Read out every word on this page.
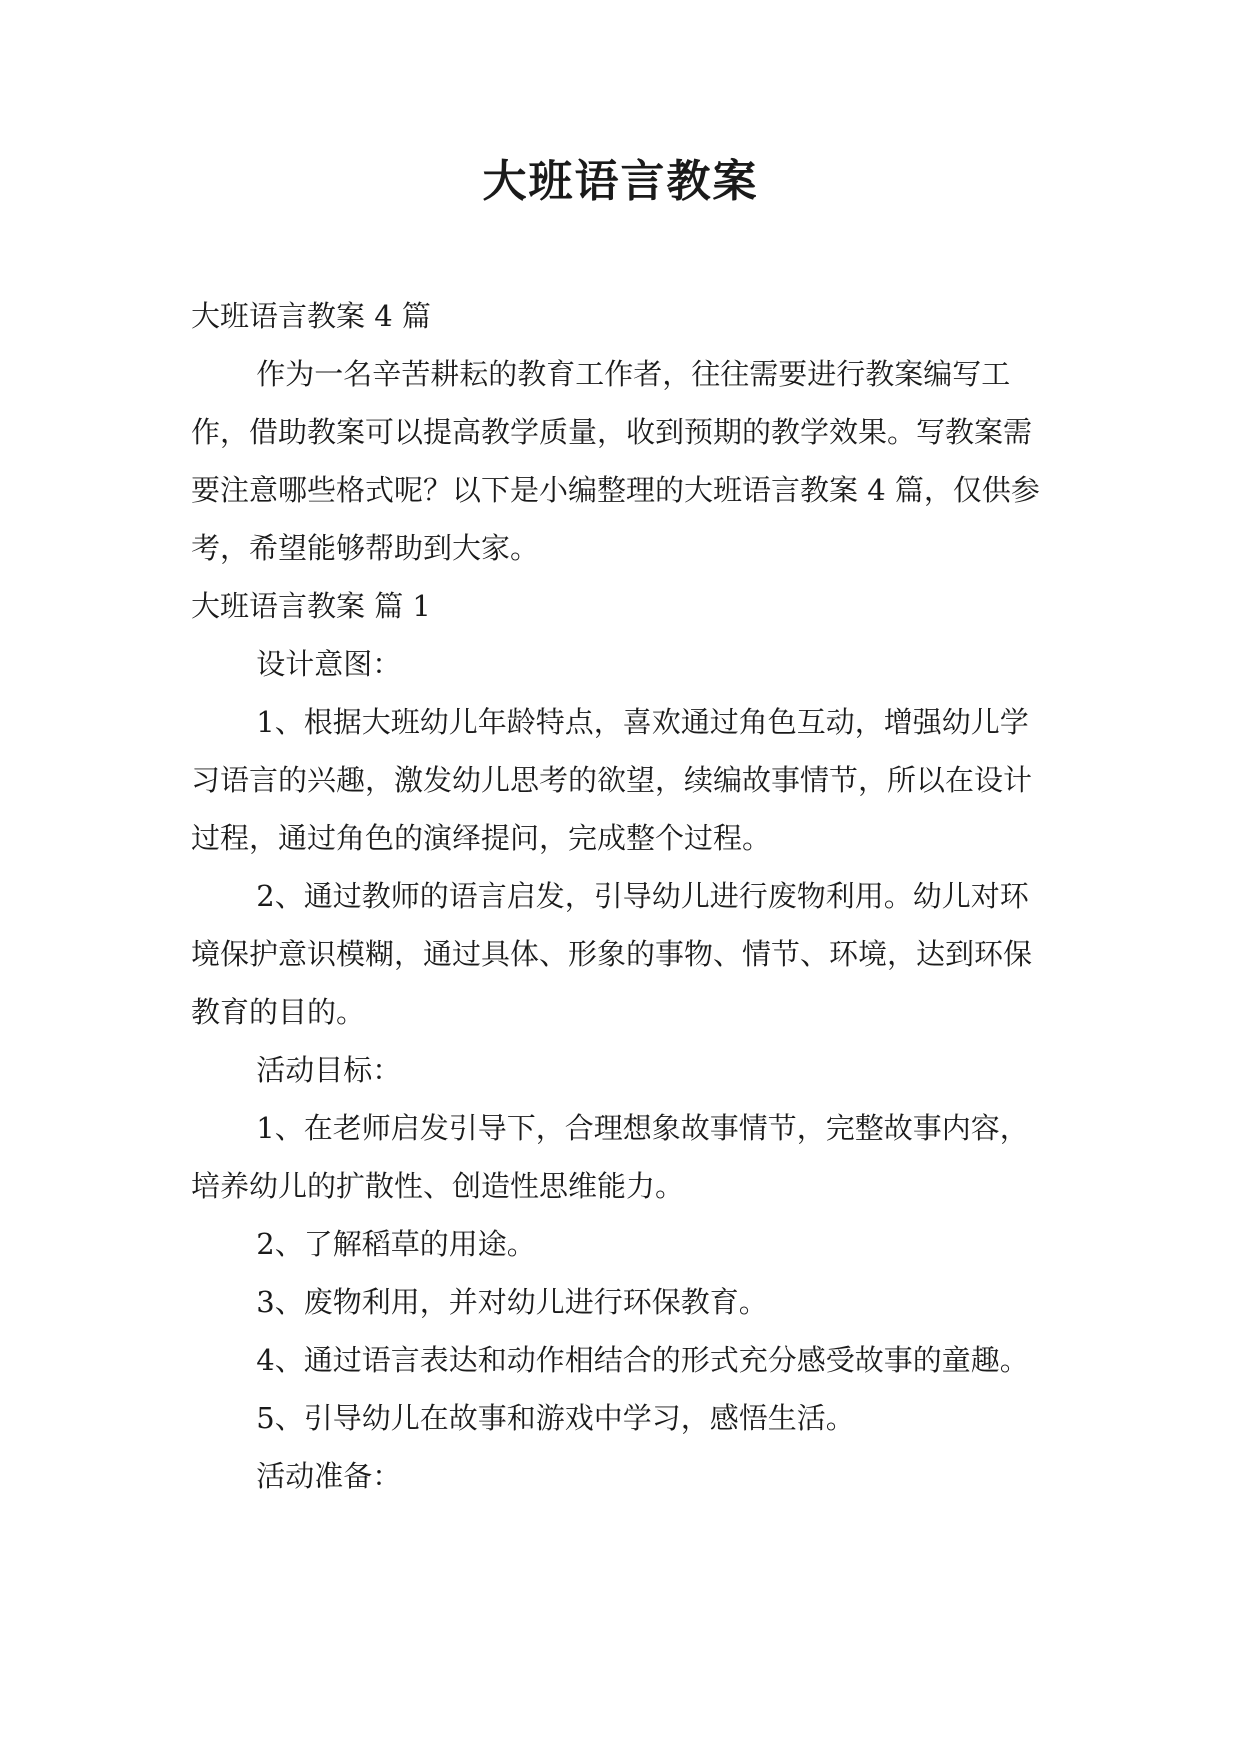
大班语言教案

大班语言教案 4 篇

作为一名辛苦耕耘的教育工作者，往往需要进行教案编写工作，借助教案可以提高教学质量，收到预期的教学效果。写教案需要注意哪些格式呢？以下是小编整理的大班语言教案 4 篇，仅供参考，希望能够帮助到大家。

大班语言教案 篇 1

设计意图：

1、根据大班幼儿年龄特点，喜欢通过角色互动，增强幼儿学习语言的兴趣，激发幼儿思考的欲望，续编故事情节，所以在设计过程，通过角色的演绎提问，完成整个过程。

2、通过教师的语言启发，引导幼儿进行废物利用。幼儿对环境保护意识模糊，通过具体、形象的事物、情节、环境，达到环保教育的目的。

活动目标：

1、在老师启发引导下，合理想象故事情节，完整故事内容，培养幼儿的扩散性、创造性思维能力。

2、了解稻草的用途。

3、废物利用，并对幼儿进行环保教育。

4、通过语言表达和动作相结合的形式充分感受故事的童趣。

5、引导幼儿在故事和游戏中学习，感悟生活。

活动准备：
